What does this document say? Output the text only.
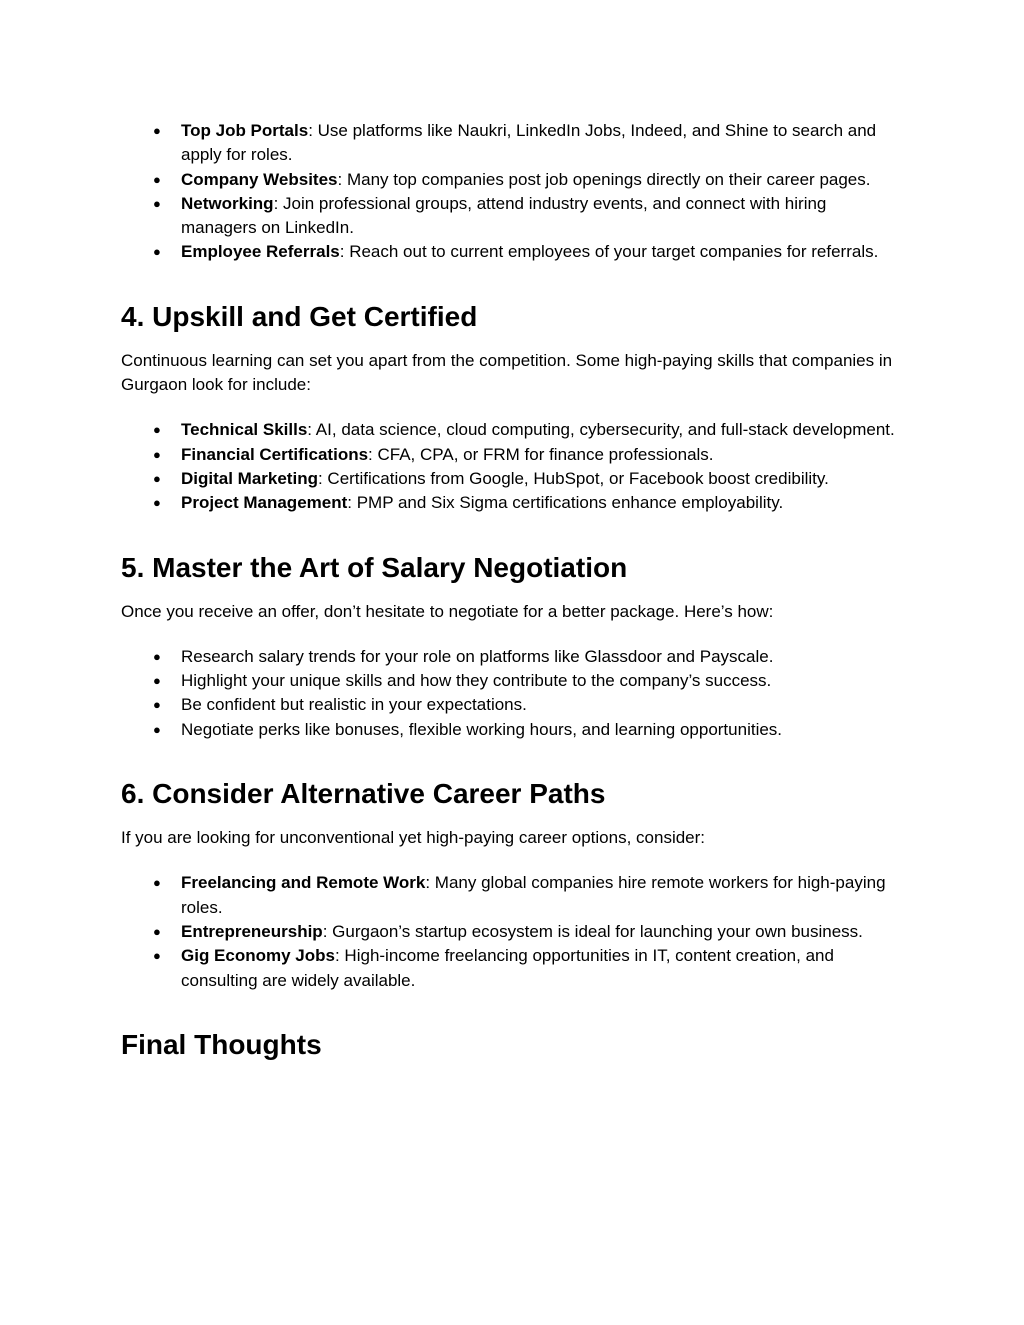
● Top Job Portals: Use platforms like Naukri, LinkedIn Jobs, Indeed, and Shine to search and apply for roles.
● Company Websites: Many top companies post job openings directly on their career pages.
● Networking: Join professional groups, attend industry events, and connect with hiring managers on LinkedIn.
● Employee Referrals: Reach out to current employees of your target companies for referrals.
4. Upskill and Get Certified

Continuous learning can set you apart from the competition. Some high-paying skills that companies in Gurgaon look for include:

● Technical Skills: AI, data science, cloud computing, cybersecurity, and full-stack development.
● Financial Certifications: CFA, CPA, or FRM for finance professionals.
● Digital Marketing: Certifications from Google, HubSpot, or Facebook boost credibility.
● Project Management: PMP and Six Sigma certifications enhance employability.
5. Master the Art of Salary Negotiation

Once you receive an offer, don’t hesitate to negotiate for a better package. Here’s how:

● Research salary trends for your role on platforms like Glassdoor and Payscale.
● Highlight your unique skills and how they contribute to the company’s success.
● Be confident but realistic in your expectations.
● Negotiate perks like bonuses, flexible working hours, and learning opportunities.
6. Consider Alternative Career Paths

If you are looking for unconventional yet high-paying career options, consider:

● Freelancing and Remote Work: Many global companies hire remote workers for high-paying roles.
● Entrepreneurship: Gurgaon’s startup ecosystem is ideal for launching your own business.
● Gig Economy Jobs: High-income freelancing opportunities in IT, content creation, and consulting are widely available.
Final Thoughts
